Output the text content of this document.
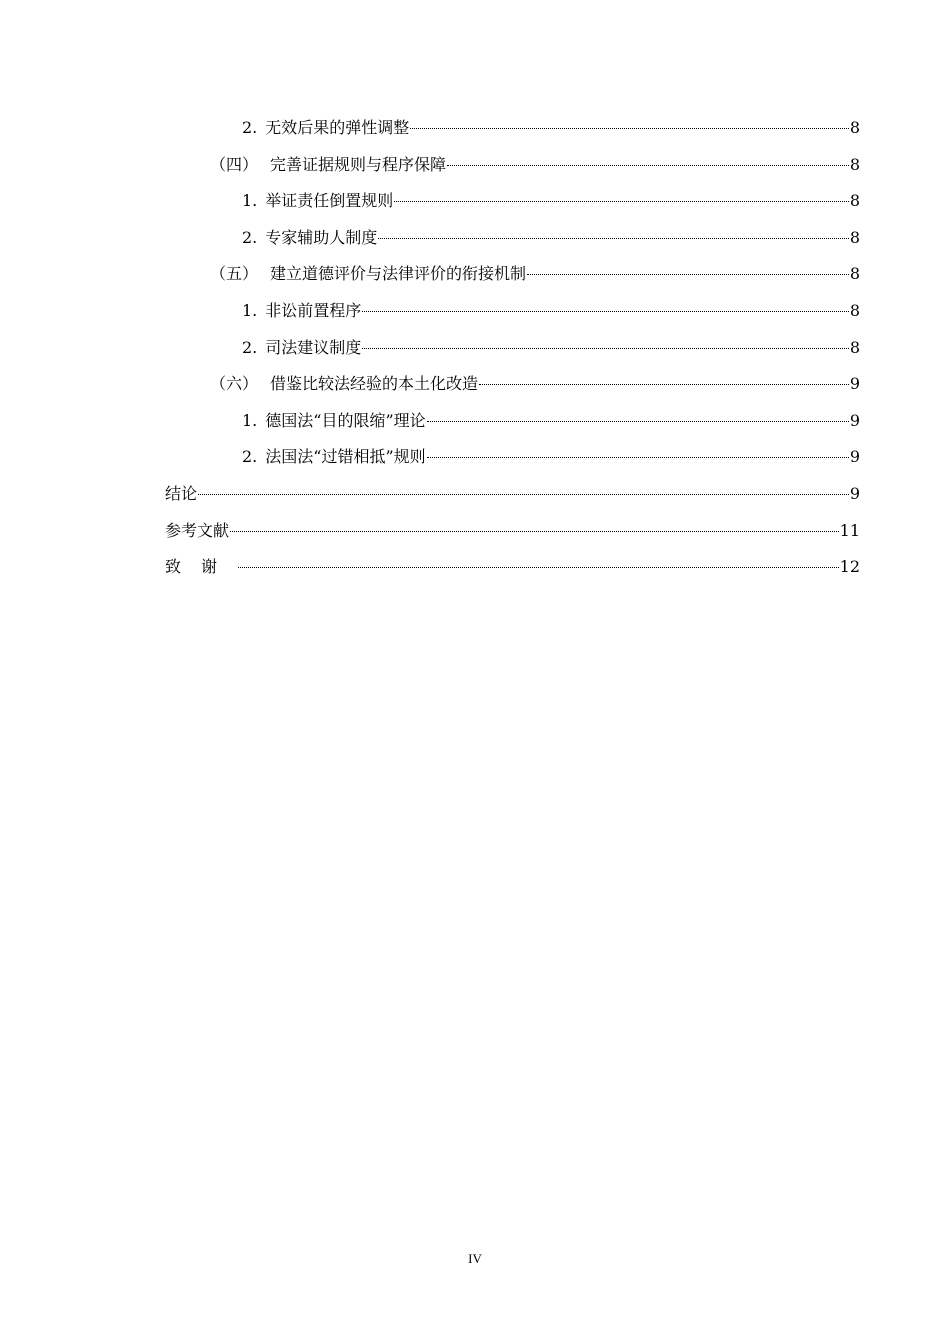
2. 无效后果的弹性调整	8
（四） 完善证据规则与程序保障	8
1. 举证责任倒置规则	8
2. 专家辅助人制度	8
（五） 建立道德评价与法律评价的衔接机制	8
1. 非讼前置程序	8
2. 司法建议制度	8
（六） 借鉴比较法经验的本土化改造	9
1. 德国法“目的限缩”理论	9
2. 法国法“过错相抵”规则	9
结论	9
参考文献	11
致谢	12
IV
